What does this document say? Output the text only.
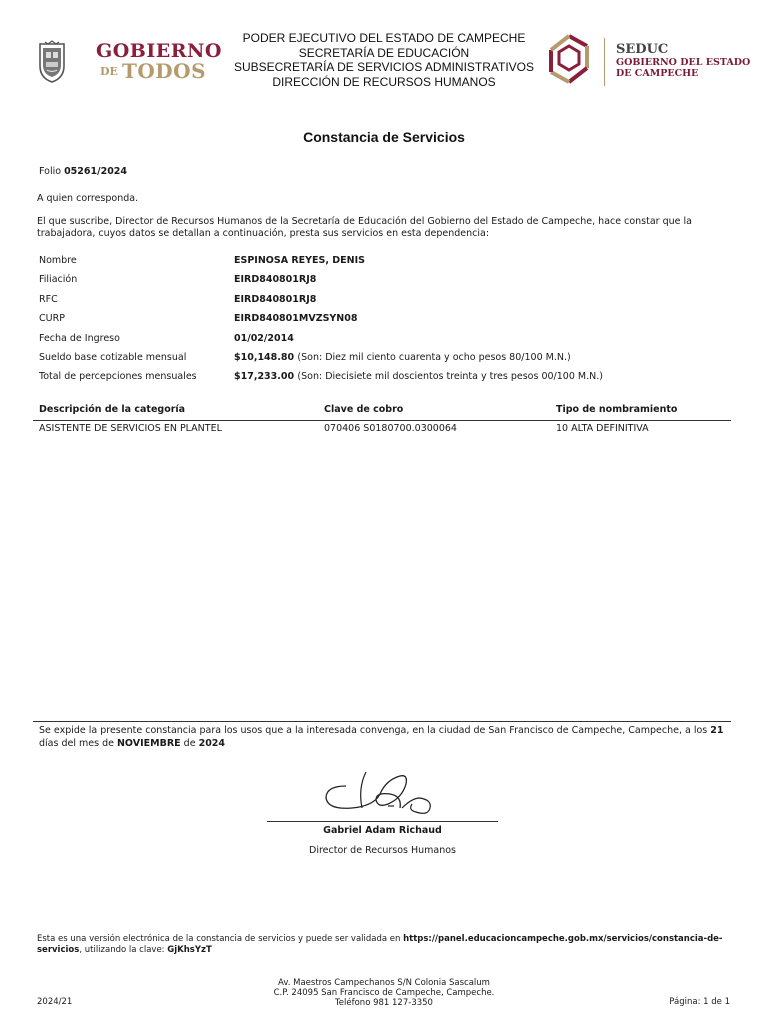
GOBIERNO
DE TODOS
PODER EJECUTIVO DEL ESTADO DE CAMPECHE
SECRETARÍA DE EDUCACIÓN
SUBSECRETARÍA DE SERVICIOS ADMINISTRATIVOS
DIRECCIÓN DE RECURSOS HUMANOS
SEDUC
GOBIERNO DEL ESTADO
DE CAMPECHE
Constancia de Servicios
Folio 05261/2024
A quien corresponda.
El que suscribe, Director de Recursos Humanos de la Secretaría de Educación del Gobierno del Estado de Campeche, hace constar que la trabajadora, cuyos datos se detallan a continuación, presta sus servicios en esta dependencia:
Nombre	ESPINOSA REYES, DENIS
Filiación	EIRD840801RJ8
RFC	EIRD840801RJ8
CURP	EIRD840801MVZSYN08
Fecha de Ingreso	01/02/2014
Sueldo base cotizable mensual	$10,148.80 (Son: Diez mil ciento cuarenta y ocho pesos 80/100 M.N.)
Total de percepciones mensuales	$17,233.00 (Son: Diecisiete mil doscientos treinta y tres pesos 00/100 M.N.)
Descripción de la categoría	Clave de cobro	Tipo de nombramiento
ASISTENTE DE SERVICIOS EN PLANTEL	070406 S0180700.0300064	10 ALTA DEFINITIVA
Se expide la presente constancia para los usos que a la interesada convenga, en la ciudad de San Francisco de Campeche, Campeche, a los 21 días del mes de NOVIEMBRE de 2024
Gabriel Adam Richaud
Director de Recursos Humanos
Esta es una versión electrónica de la constancia de servicios y puede ser validada en https://panel.educacioncampeche.gob.mx/servicios/constancia-de-servicios, utilizando la clave: GjKhsYzT
Av. Maestros Campechanos S/N Colonia Sascalum
C.P. 24095 San Francisco de Campeche, Campeche.
Teléfono 981 127-3350
2024/21	Página: 1 de 1
